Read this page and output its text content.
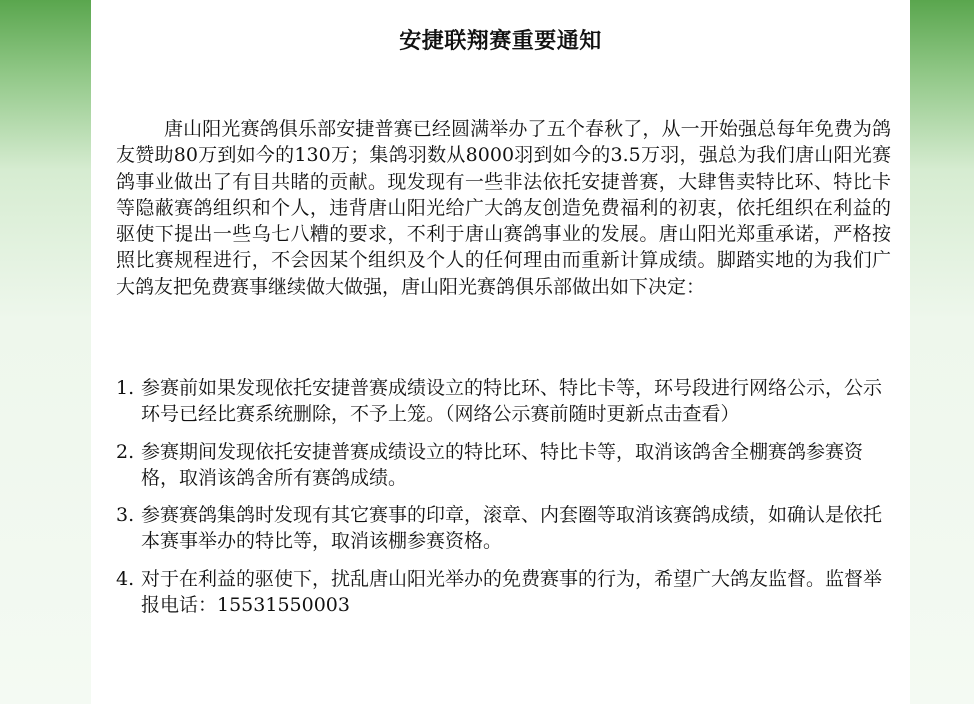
安捷联翔赛重要通知

唐山阳光赛鸽俱乐部安捷普赛已经圆满举办了五个春秋了，从一开始强总每年免费为鸽友赞助80万到如今的130万；集鸽羽数从8000羽到如今的3.5万羽，强总为我们唐山阳光赛鸽事业做出了有目共睹的贡献。现发现有一些非法依托安捷普赛，大肆售卖特比环、特比卡等隐蔽赛鸽组织和个人，违背唐山阳光给广大鸽友创造免费福利的初衷，依托组织在利益的驱使下提出一些乌七八糟的要求，不利于唐山赛鸽事业的发展。唐山阳光郑重承诺，严格按照比赛规程进行，不会因某个组织及个人的任何理由而重新计算成绩。脚踏实地的为我们广大鸽友把免费赛事继续做大做强，唐山阳光赛鸽俱乐部做出如下决定：

1. 参赛前如果发现依托安捷普赛成绩设立的特比环、特比卡等，环号段进行网络公示，公示环号已经比赛系统删除，不予上笼。（网络公示赛前随时更新点击查看）
2. 参赛期间发现依托安捷普赛成绩设立的特比环、特比卡等，取消该鸽舍全棚赛鸽参赛资格，取消该鸽舍所有赛鸽成绩。
3. 参赛赛鸽集鸽时发现有其它赛事的印章，滚章、内套圈等取消该赛鸽成绩，如确认是依托本赛事举办的特比等，取消该棚参赛资格。
4. 对于在利益的驱使下，扰乱唐山阳光举办的免费赛事的行为，希望广大鸽友监督。监督举报电话：15531550003
